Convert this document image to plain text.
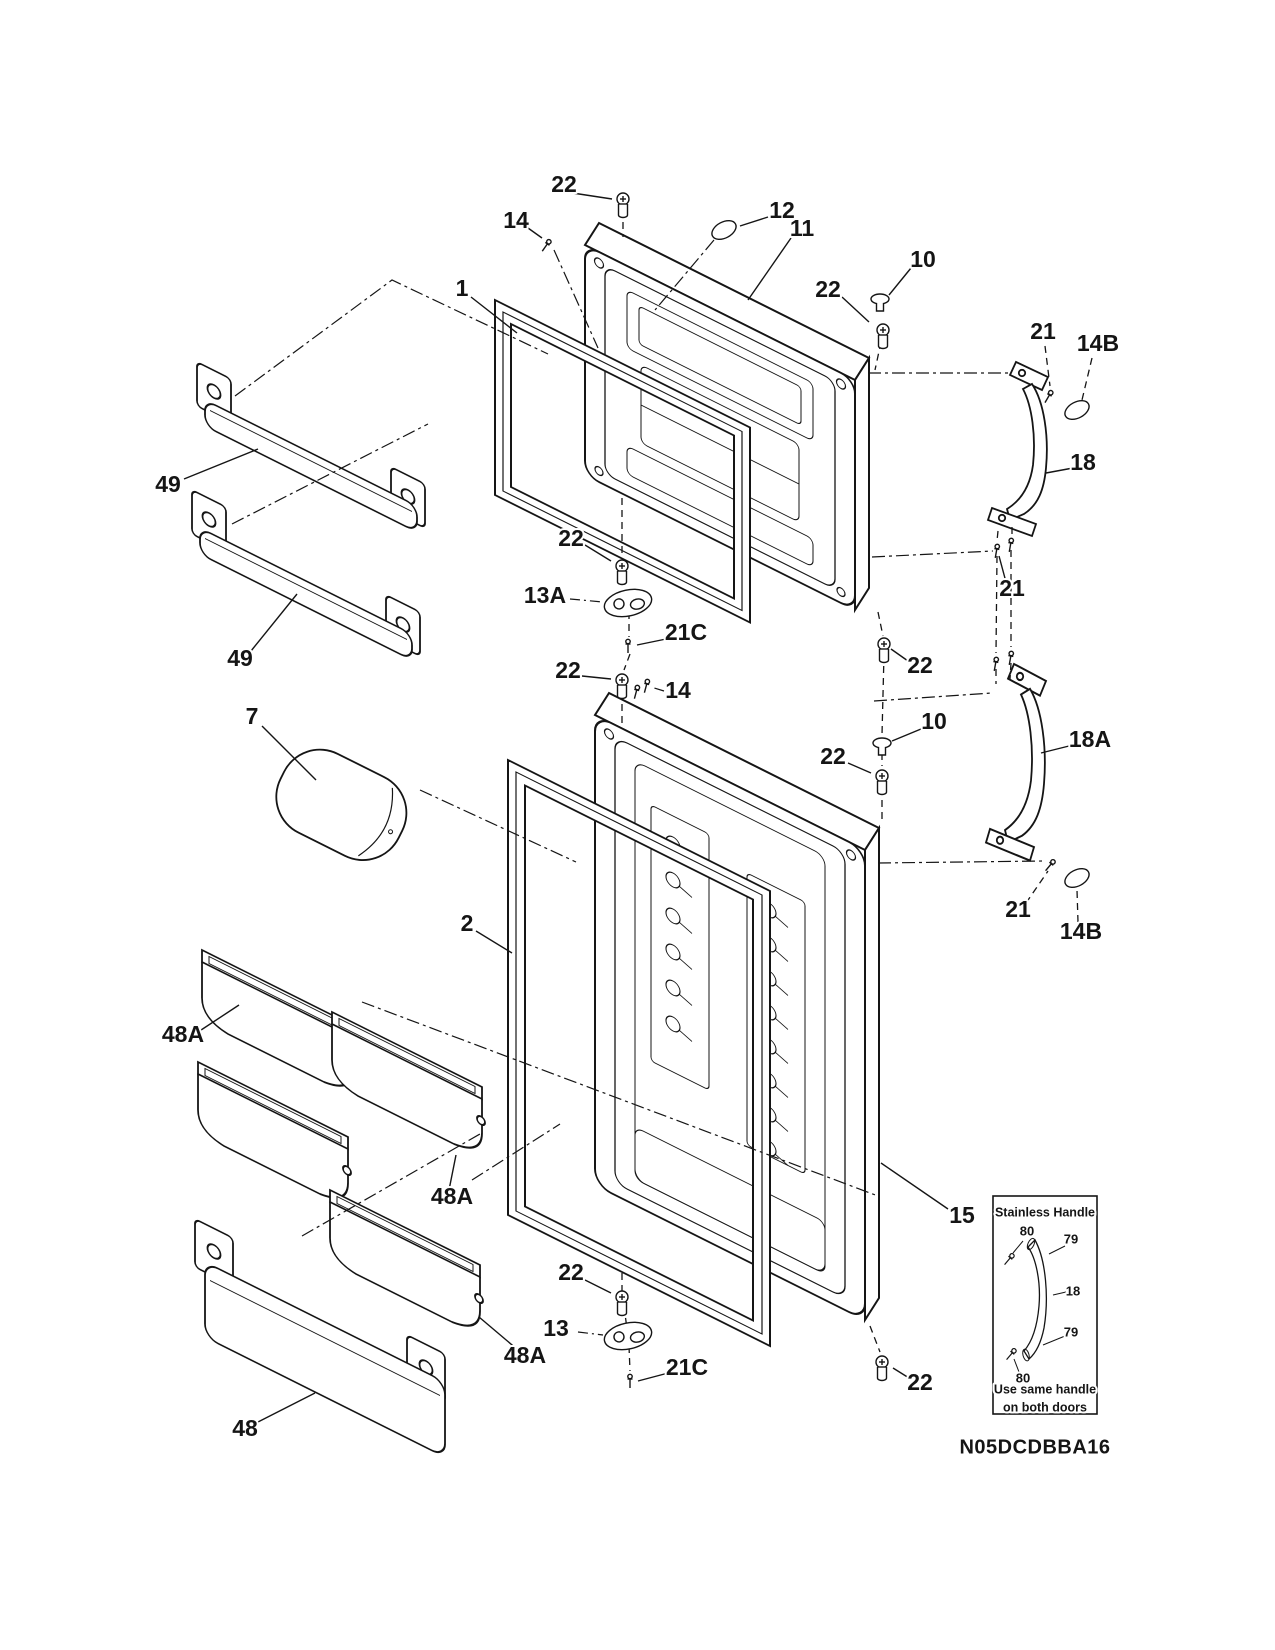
Stainless Handle
Use same handle
on both doors
N05DCDBBA16
22
14	12
11
22
10
1
21 14B
18
49
49
22
13A
21C
21
22
22
14
10
22
18A
7
2
21
14B
48A
48A
15
22
13
21C
48A
22
48
80
79
18
79
80
